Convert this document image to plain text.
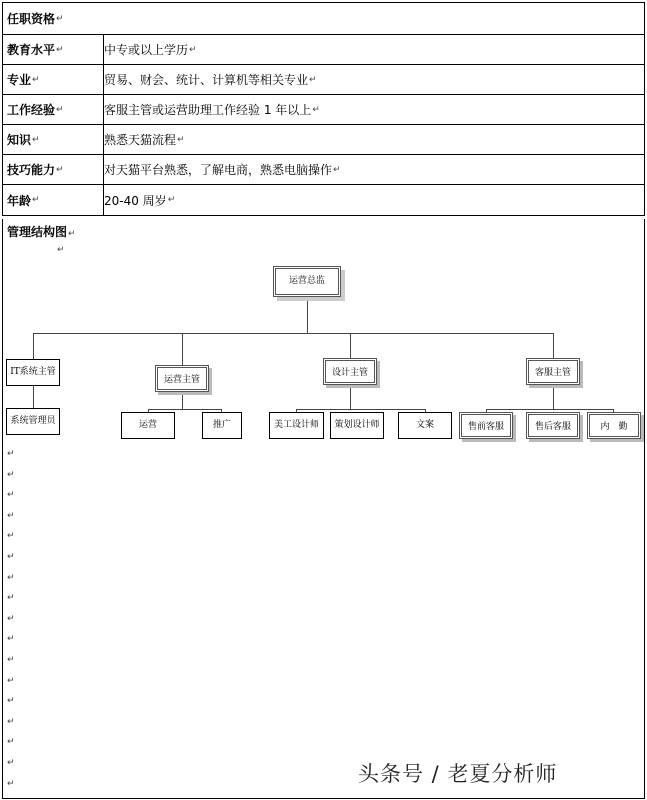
任职资格 ↵
教育水平 ↵	中专或以上学历 ↵
专业 ↵	贸易、财会、统计、计算机等相关专业 ↵
工作经验 ↵	客服主管或运营助理工作经验 1 年以上 ↵
知识 ↵	熟悉天猫流程 ↵
技巧能力 ↵	对天猫平台熟悉，了解电商，熟悉电脑操作 ↵
年龄 ↵	20-40 周岁 ↵
管理结构图↵
↵
↵
↵
↵
↵
↵
↵
↵
↵
↵
↵
↵
↵
↵
↵
↵
↵
↵
运营总监
IT系统主管
运营主管
设计主管	客服主管
系统管理员	运营	推广	美工设计师	策划设计师	文案	售前客服	售后客服	内　勤
头条号 / 老夏分析师
